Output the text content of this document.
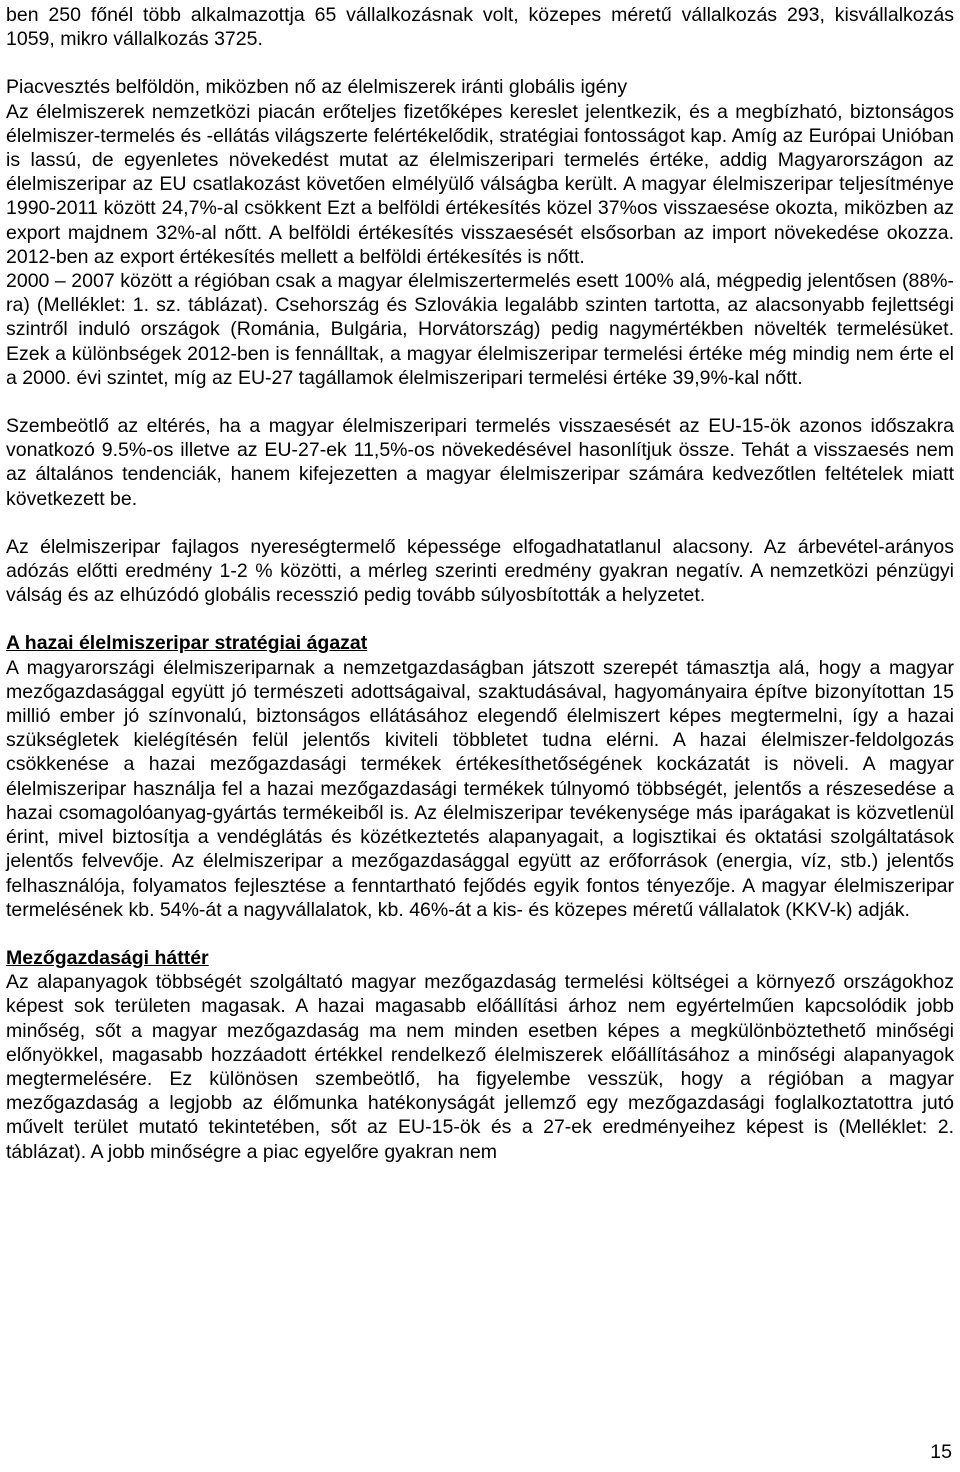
ben 250 főnél több alkalmazottja 65 vállalkozásnak volt, közepes méretű vállalkozás 293, kisvállalkozás 1059, mikro vállalkozás 3725.

Piacvesztés belföldön, miközben nő az élelmiszerek iránti globális igény

Az élelmiszerek nemzetközi piacán erőteljes fizetőképes kereslet jelentkezik, és a megbízható, biztonságos élelmiszer-termelés és -ellátás világszerte felértékelődik, stratégiai fontosságot kap. Amíg az Európai Unióban is lassú, de egyenletes növekedést mutat az élelmiszeripari termelés értéke, addig Magyarországon az élelmiszeripar az EU csatlakozást követően elmélyülő válságba került. A magyar élelmiszeripar teljesítménye 1990-2011 között 24,7%-al csökkent Ezt a belföldi értékesítés közel 37%os visszaesése okozta, miközben az export majdnem 32%-al nőtt. A belföldi értékesítés visszaesését elsősorban az import növekedése okozza. 2012-ben az export értékesítés mellett a belföldi értékesítés is nőtt.

2000 – 2007 között a régióban csak a magyar élelmiszertermelés esett 100% alá, mégpedig jelentősen (88%-ra) (Melléklet: 1. sz. táblázat). Csehország és Szlovákia legalább szinten tartotta, az alacsonyabb fejlettségi szintről induló országok (Románia, Bulgária, Horvátország) pedig nagymértékben növelték termelésüket. Ezek a különbségek 2012-ben is fennálltak, a magyar élelmiszeripar termelési értéke még mindig nem érte el a 2000. évi szintet, míg az EU-27 tagállamok élelmiszeripari termelési értéke 39,9%-kal nőtt.

Szembeötlő az eltérés, ha a magyar élelmiszeripari termelés visszaesését az EU-15-ök azonos időszakra vonatkozó 9.5%-os illetve az EU-27-ek 11,5%-os növekedésével hasonlítjuk össze. Tehát a visszaesés nem az általános tendenciák, hanem kifejezetten a magyar élelmiszeripar számára kedvezőtlen feltételek miatt következett be.

Az élelmiszeripar fajlagos nyereségtermelő képessége elfogadhatatlanul alacsony. Az árbevétel-arányos adózás előtti eredmény 1-2 % közötti, a mérleg szerinti eredmény gyakran negatív. A nemzetközi pénzügyi válság és az elhúzódó globális recesszió pedig tovább súlyosbították a helyzetet.

A hazai élelmiszeripar stratégiai ágazat

A magyarországi élelmiszeriparnak a nemzetgazdaságban játszott szerepét támasztja alá, hogy a magyar mezőgazdasággal együtt jó természeti adottságaival, szaktudásával, hagyományaira építve bizonyítottan 15 millió ember jó színvonalú, biztonságos ellátásához elegendő élelmiszert képes megtermelni, így a hazai szükségletek kielégítésén felül jelentős kiviteli többletet tudna elérni. A hazai élelmiszer-feldolgozás csökkenése a hazai mezőgazdasági termékek értékesíthetőségének kockázatát is növeli. A magyar élelmiszeripar használja fel a hazai mezőgazdasági termékek túlnyomó többségét, jelentős a részesedése a hazai csomagolóanyag-gyártás termékeiből is. Az élelmiszeripar tevékenysége más iparágakat is közvetlenül érint, mivel biztosítja a vendéglátás és közétkeztetés alapanyagait, a logisztikai és oktatási szolgáltatások jelentős felvevője. Az élelmiszeripar a mezőgazdasággal együtt az erőforrások (energia, víz, stb.) jelentős felhasználója, folyamatos fejlesztése a fenntartható fejődés egyik fontos tényezője. A magyar élelmiszeripar termelésének kb. 54%-át a nagyvállalatok, kb. 46%-át a kis- és közepes méretű vállalatok (KKV-k) adják.

Mezőgazdasági háttér

Az alapanyagok többségét szolgáltató magyar mezőgazdaság termelési költségei a környező országokhoz képest sok területen magasak. A hazai magasabb előállítási árhoz nem egyértelműen kapcsolódik jobb minőség, sőt a magyar mezőgazdaság ma nem minden esetben képes a megkülönböztethető minőségi előnyökkel, magasabb hozzáadott értékkel rendelkező élelmiszerek előállításához a minőségi alapanyagok megtermelésére. Ez különösen szembeötlő, ha figyelembe vesszük, hogy a régióban a magyar mezőgazdaság a legjobb az élőmunka hatékonyságát jellemző egy mezőgazdasági foglalkoztatottra jutó művelt terület mutató tekintetében, sőt az EU-15-ök és a 27-ek eredményeihez képest is (Melléklet: 2. táblázat). A jobb minőségre a piac egyelőre gyakran nem

15
